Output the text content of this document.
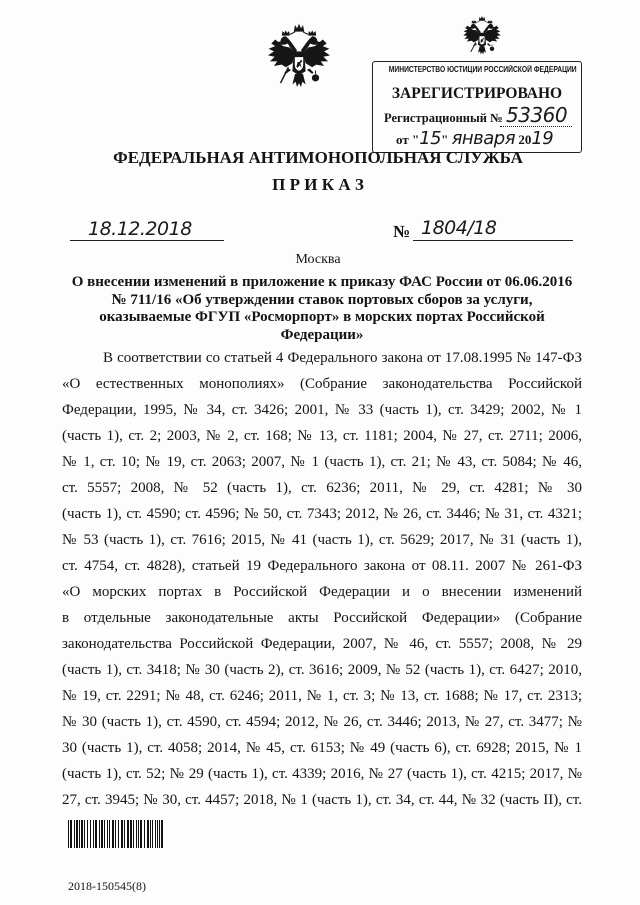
МИНИСТЕРСТВО ЮСТИЦИИ РОССИЙСКОЙ ФЕДЕРАЦИИ
ЗАРЕГИСТРИРОВАНО
Регистрационный № 53360
от "15" января 2019
ФЕДЕРАЛЬНАЯ АНТИМОНОПОЛЬНАЯ СЛУЖБА
П Р И К А З
18.12.2018	№ 1804/18
Москва
О внесении изменений в приложение к приказу ФАС России от 06.06.2016
№ 711/16 «Об утверждении ставок портовых сборов за услуги,
оказываемые ФГУП «Росморпорт» в морских портах Российской
Федерации»
В соответствии со статьей 4 Федерального закона от 17.08.1995 № 147-ФЗ
«О естественных монополиях» (Собрание законодательства Российской
Федерации, 1995, № 34, ст. 3426; 2001, № 33 (часть 1), ст. 3429; 2002, № 1
(часть 1), ст. 2; 2003, № 2, ст. 168; № 13, ст. 1181; 2004, № 27, ст. 2711; 2006,
№ 1, ст. 10; № 19, ст. 2063; 2007, № 1 (часть 1), ст. 21; № 43, ст. 5084; № 46,
ст. 5557; 2008, № 52 (часть 1), ст. 6236; 2011, № 29, ст. 4281; № 30
(часть 1), ст. 4590; ст. 4596; № 50, ст. 7343; 2012, № 26, ст. 3446; № 31, ст. 4321;
№ 53 (часть 1), ст. 7616; 2015, № 41 (часть 1), ст. 5629; 2017, № 31 (часть 1),
ст. 4754, ст. 4828), статьей 19 Федерального закона от 08.11. 2007 № 261-ФЗ
«О морских портах в Российской Федерации и о внесении изменений
в отдельные законодательные акты Российской Федерации» (Собрание
законодательства Российской Федерации, 2007, № 46, ст. 5557; 2008, № 29
(часть 1), ст. 3418; № 30 (часть 2), ст. 3616; 2009, № 52 (часть 1), ст. 6427; 2010,
№ 19, ст. 2291; № 48, ст. 6246; 2011, № 1, ст. 3; № 13, ст. 1688; № 17, ст. 2313;
№ 30 (часть 1), ст. 4590, ст. 4594; 2012, № 26, ст. 3446; 2013, № 27, ст. 3477; №
30 (часть 1), ст. 4058; 2014, № 45, ст. 6153; № 49 (часть 6), ст. 6928; 2015, № 1
(часть 1), ст. 52; № 29 (часть 1), ст. 4339; 2016, № 27 (часть 1), ст. 4215; 2017, №
27, ст. 3945; № 30, ст. 4457; 2018, № 1 (часть 1), ст. 34, ст. 44, № 32 (часть II), ст.
2018-150545(8)
